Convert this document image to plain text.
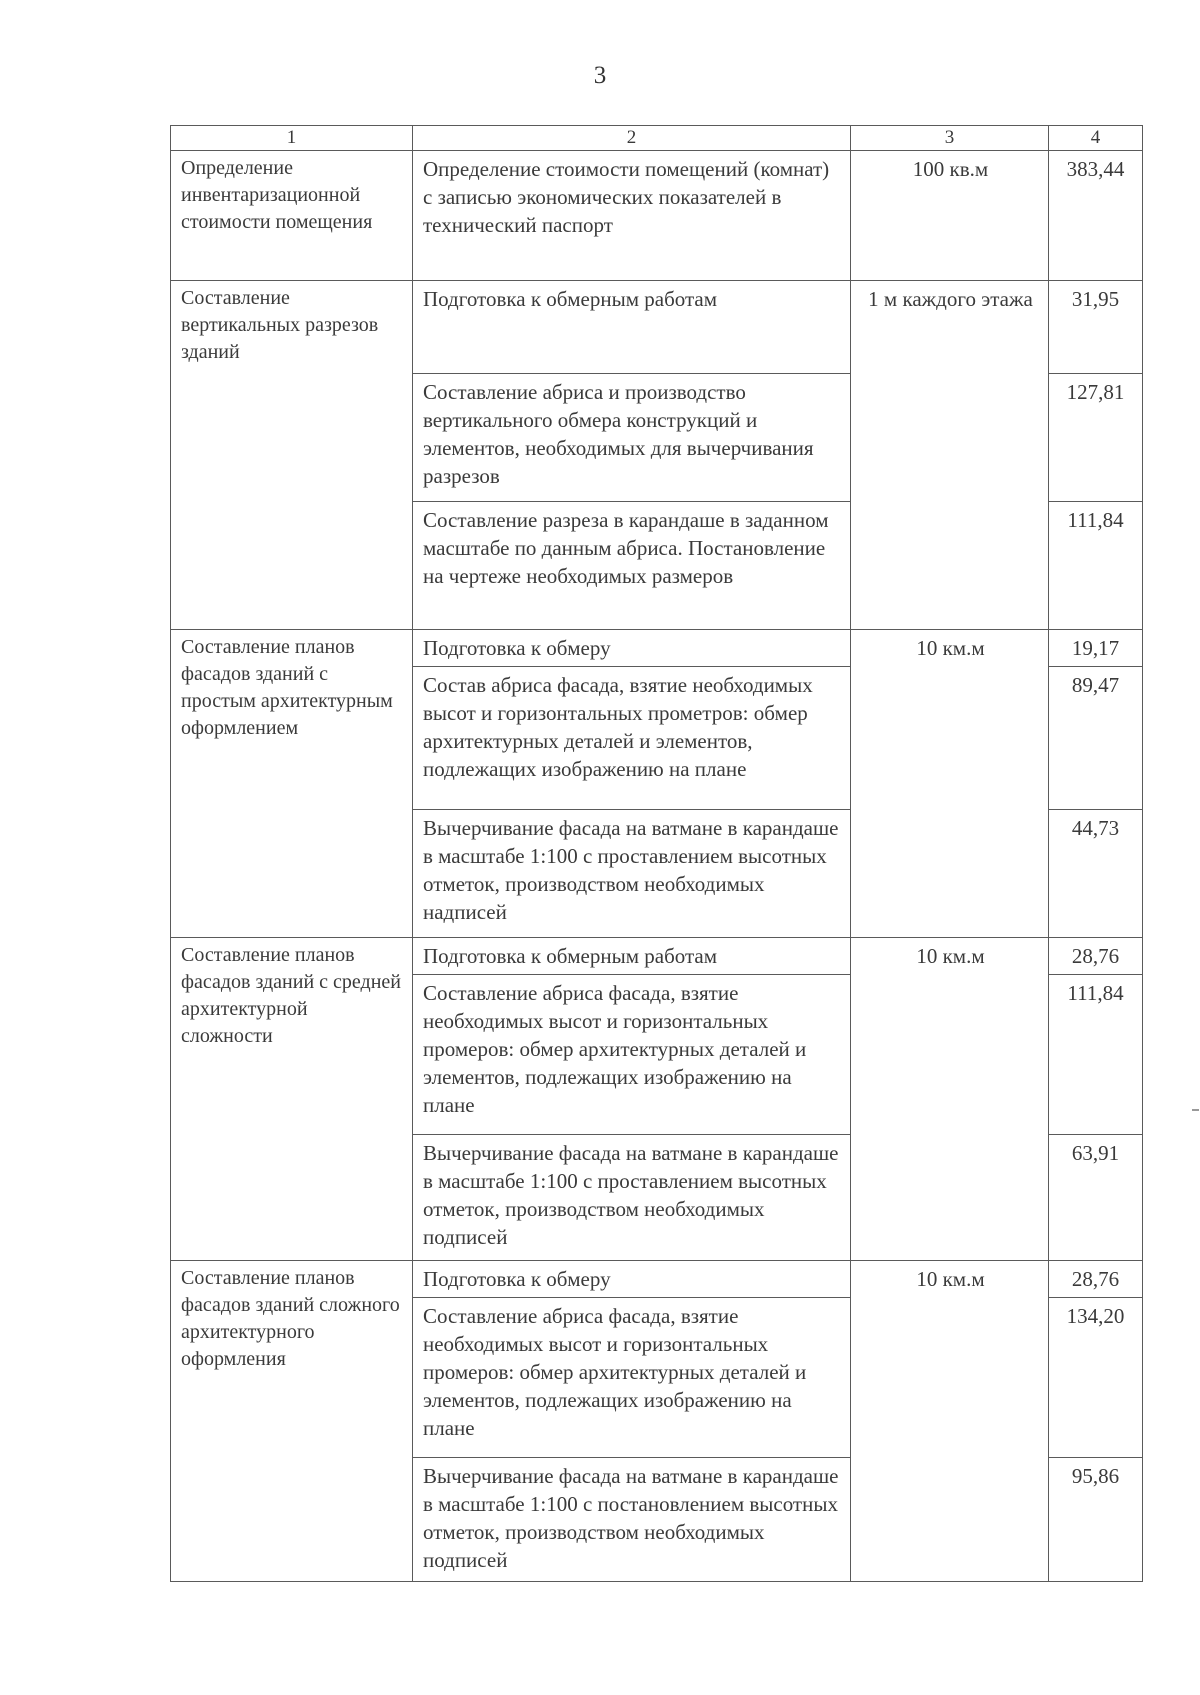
3
1	2	3	4
Определение инвентаризационной стоимости помещения	Определение стоимости помещений (комнат) с записью экономических показателей в технический паспорт	100 кв.м	383,44
Составление вертикальных разрезов зданий	Подготовка к обмерным работам	1 м каждого этажа	31,95
	Составление абриса и производство вертикального обмера конструкций и элементов, необходимых для вычерчивания разрезов		127,81
	Составление разреза в карандаше в заданном масштабе по данным абриса. Постановление на чертеже необходимых размеров		111,84
Составление планов фасадов зданий с простым архитектурным оформлением	Подготовка к обмеру	10 км.м	19,17
	Состав абриса фасада, взятие необходимых высот и горизонтальных прометров: обмер архитектурных деталей и элементов, подлежащих изображению на плане		89,47
	Вычерчивание фасада на ватмане в карандаше в масштабе 1:100 с проставлением высотных отметок, производством необходимых надписей		44,73
Составление планов фасадов зданий с средней архитектурной сложности	Подготовка к обмерным работам	10 км.м	28,76
	Составление абриса фасада, взятие необходимых высот и горизонтальных промеров: обмер архитектурных деталей и элементов, подлежащих изображению на плане		111,84
	Вычерчивание фасада на ватмане в карандаше в масштабе 1:100 с проставлением высотных отметок, производством необходимых подписей		63,91
Составление планов фасадов зданий сложного архитектурного оформления	Подготовка к обмеру	10 км.м	28,76
	Составление абриса фасада, взятие необходимых высот и горизонтальных промеров: обмер архитектурных деталей и элементов, подлежащих изображению на плане		134,20
	Вычерчивание фасада на ватмане в карандаше в масштабе 1:100 с постановлением высотных отметок, производством необходимых подписей		95,86
